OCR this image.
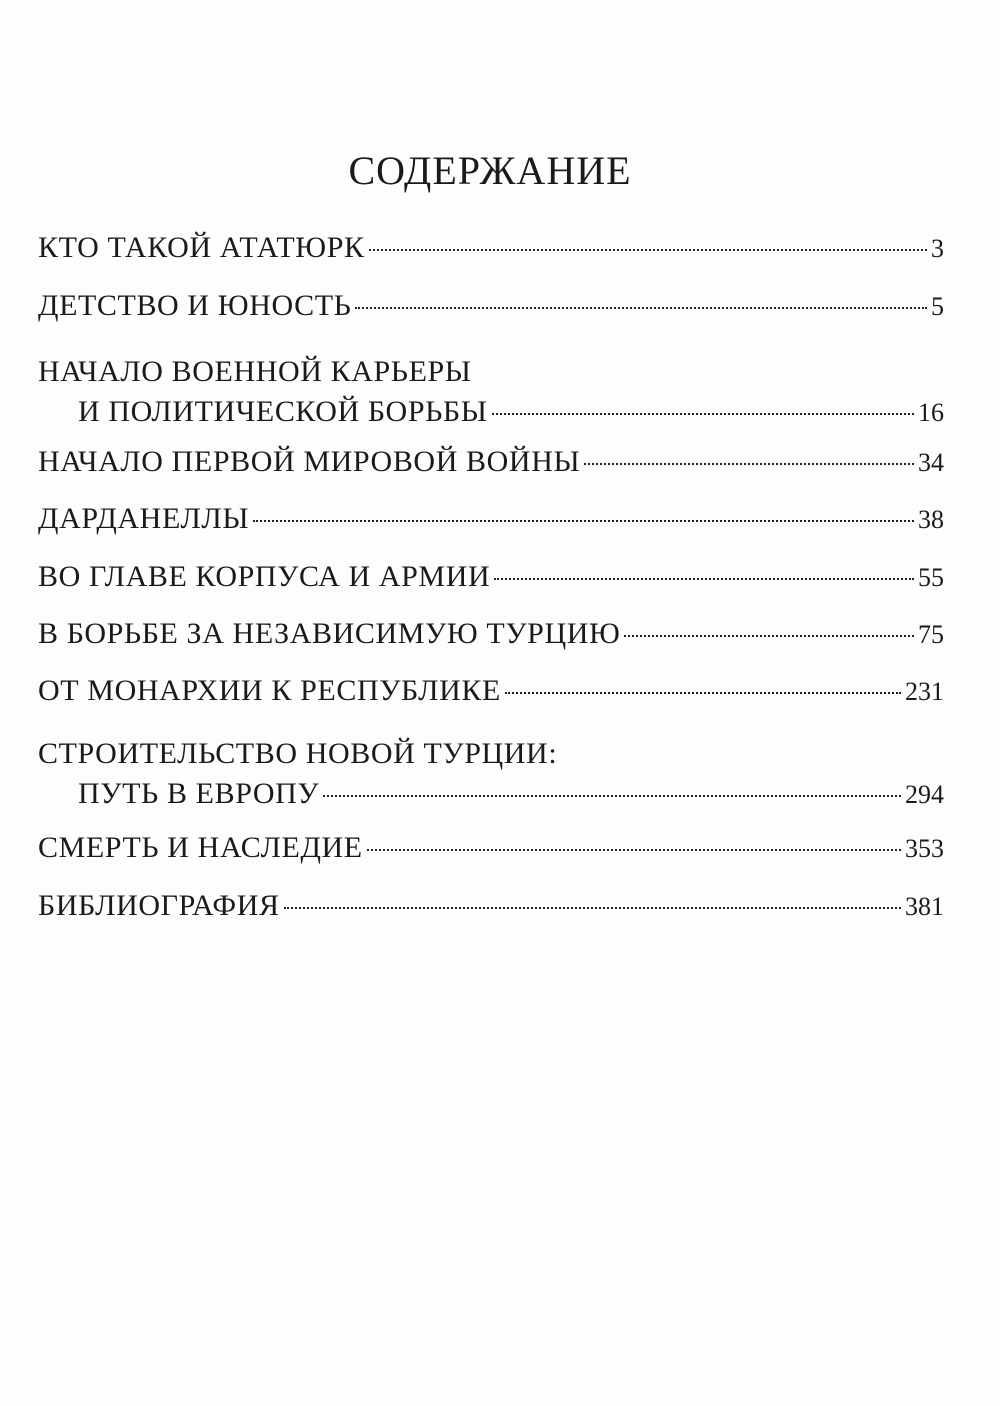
СОДЕРЖАНИЕ
КТО ТАКОЙ АТАТЮРК	3
ДЕТСТВО И ЮНОСТЬ	5
НАЧАЛО ВОЕННОЙ КАРЬЕРЫ
И ПОЛИТИЧЕСКОЙ БОРЬБЫ	16
НАЧАЛО ПЕРВОЙ МИРОВОЙ ВОЙНЫ	34
ДАРДАНЕЛЛЫ	38
ВО ГЛАВЕ КОРПУСА И АРМИИ	55
В БОРЬБЕ ЗА НЕЗАВИСИМУЮ ТУРЦИЮ	75
ОТ МОНАРХИИ К РЕСПУБЛИКЕ	231
СТРОИТЕЛЬСТВО НОВОЙ ТУРЦИИ:
ПУТЬ В ЕВРОПУ	294
СМЕРТЬ И НАСЛЕДИЕ	353
БИБЛИОГРАФИЯ	381
